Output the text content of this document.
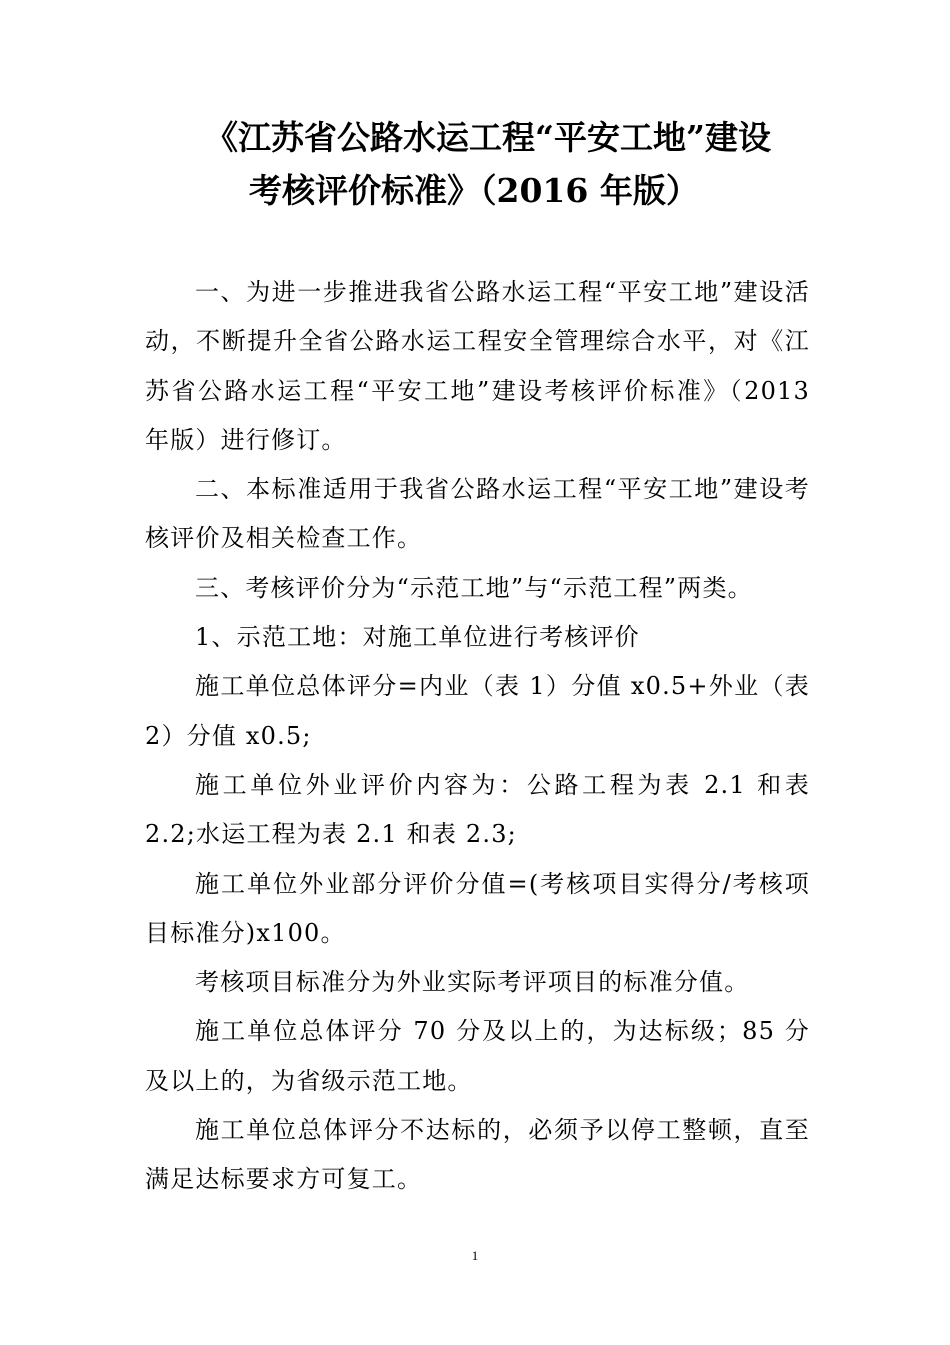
《江苏省公路水运工程“平安工地”建设
考核评价标准》（2016 年版）

一、为进一步推进我省公路水运工程“平安工地”建设活动，不断提升全省公路水运工程安全管理综合水平，对《江苏省公路水运工程“平安工地”建设考核评价标准》（2013 年版）进行修订。

二、本标准适用于我省公路水运工程“平安工地”建设考核评价及相关检查工作。

三、考核评价分为“示范工地”与“示范工程”两类。

1、示范工地：对施工单位进行考核评价

施工单位总体评分=内业（表 1）分值 x0.5+外业（表 2）分值 x0.5;

施工单位外业评价内容为：公路工程为表 2.1 和表 2.2;水运工程为表 2.1 和表 2.3;

施工单位外业部分评价分值=(考核项目实得分/考核项目标准分)x100。

考核项目标准分为外业实际考评项目的标准分值。

施工单位总体评分 70 分及以上的，为达标级；85 分及以上的，为省级示范工地。

施工单位总体评分不达标的，必须予以停工整顿，直至满足达标要求方可复工。

1
